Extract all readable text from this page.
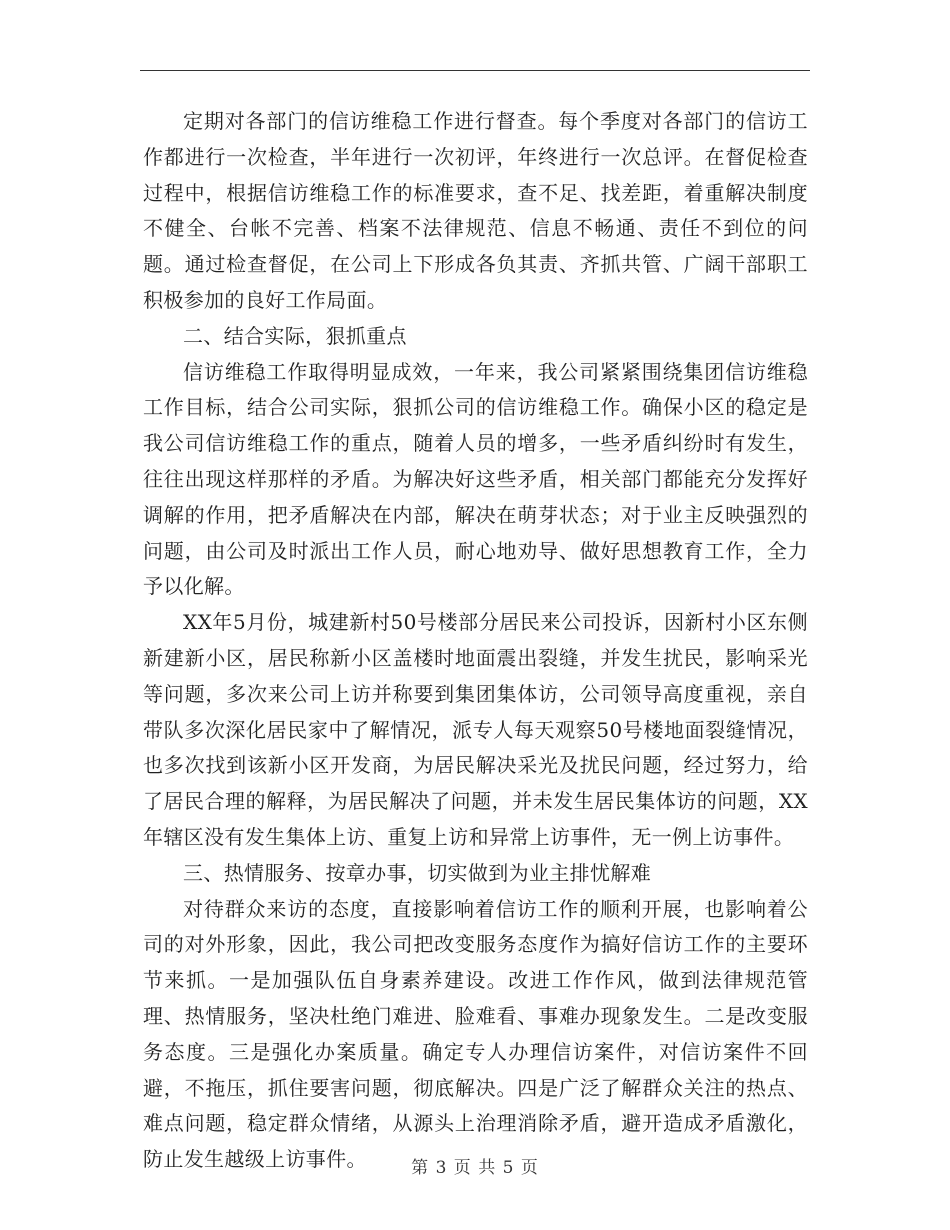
定期对各部门的信访维稳工作进行督查。每个季度对各部门的信访工作都进行一次检查，半年进行一次初评，年终进行一次总评。在督促检查过程中，根据信访维稳工作的标准要求，查不足、找差距，着重解决制度不健全、台帐不完善、档案不法律规范、信息不畅通、责任不到位的问题。通过检查督促，在公司上下形成各负其责、齐抓共管、广阔干部职工积极参加的良好工作局面。

二、结合实际，狠抓重点

信访维稳工作取得明显成效，一年来，我公司紧紧围绕集团信访维稳工作目标，结合公司实际，狠抓公司的信访维稳工作。确保小区的稳定是我公司信访维稳工作的重点，随着人员的增多，一些矛盾纠纷时有发生，往往出现这样那样的矛盾。为解决好这些矛盾，相关部门都能充分发挥好调解的作用，把矛盾解决在内部，解决在萌芽状态；对于业主反映强烈的问题，由公司及时派出工作人员，耐心地劝导、做好思想教育工作，全力予以化解。

XX年5月份，城建新村50号楼部分居民来公司投诉，因新村小区东侧新建新小区，居民称新小区盖楼时地面震出裂缝，并发生扰民，影响采光等问题，多次来公司上访并称要到集团集体访，公司领导高度重视，亲自带队多次深化居民家中了解情况，派专人每天观察50号楼地面裂缝情况，也多次找到该新小区开发商，为居民解决采光及扰民问题，经过努力，给了居民合理的解释，为居民解决了问题，并未发生居民集体访的问题，XX年辖区没有发生集体上访、重复上访和异常上访事件，无一例上访事件。

三、热情服务、按章办事，切实做到为业主排忧解难

对待群众来访的态度，直接影响着信访工作的顺利开展，也影响着公司的对外形象，因此，我公司把改变服务态度作为搞好信访工作的主要环节来抓。一是加强队伍自身素养建设。改进工作作风，做到法律规范管理、热情服务，坚决杜绝门难进、脸难看、事难办现象发生。二是改变服务态度。三是强化办案质量。确定专人办理信访案件，对信访案件不回避，不拖压，抓住要害问题，彻底解决。四是广泛了解群众关注的热点、难点问题，稳定群众情绪，从源头上治理消除矛盾，避开造成矛盾激化，防止发生越级上访事件。	第 3 页 共 5 页
